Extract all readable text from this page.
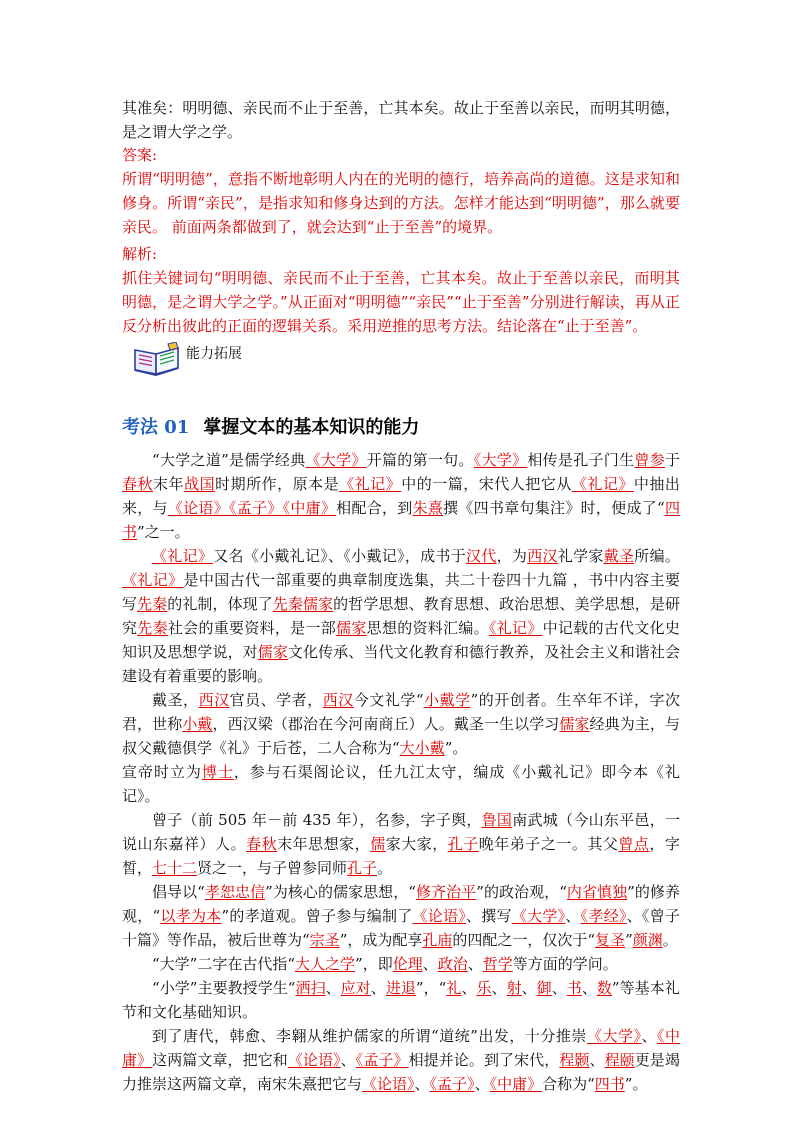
其准矣：明明德、亲民而不止于至善，亡其本矣。故止于至善以亲民，而明其明德，是之谓大学之学。

答案:

所谓“明明德”，意指不断地彰明人内在的光明的德行，培养高尚的道德。这是求知和修身。所谓“亲民”，是指求知和修身达到的方法。怎样才能达到“明明德”，那么就要亲民。 前面两条都做到了，就会达到“止于至善”的境界。

解析:

抓住关键词句“明明德、亲民而不止于至善，亡其本矣。故止于至善以亲民，而明其明德，是之谓大学之学。”从正面对“明明德”“亲民”“止于至善”分别进行解读，再从正反分析出彼此的正面的逻辑关系。采用逆推的思考方法。结论落在“止于至善”。

能力拓展
考法 01 掌握文本的基本知识的能力

“大学之道”是儒学经典《大学》开篇的第一句。《大学》相传是孔子门生曾参于春秋末年战国时期所作，原本是《礼记》中的一篇，宋代人把它从《礼记》中抽出来，与《论语》《孟子》《中庸》相配合，到朱熹撰《四书章句集注》时，便成了“四书”之一。

《礼记》又名《小戴礼记》、《小戴记》，成书于汉代，为西汉礼学家戴圣所编。《礼记》是中国古代一部重要的典章制度选集，共二十卷四十九篇 ，书中内容主要写先秦的礼制，体现了先秦儒家的哲学思想、教育思想、政治思想、美学思想，是研究先秦社会的重要资料，是一部儒家思想的资料汇编。《礼记》中记载的古代文化史知识及思想学说，对儒家文化传承、当代文化教育和德行教养，及社会主义和谐社会建设有着重要的影响。

戴圣，西汉官员、学者，西汉今文礼学“小戴学”的开创者。生卒年不详，字次君，世称小戴，西汉梁（郡治在今河南商丘）人。戴圣一生以学习儒家经典为主，与叔父戴德俱学《礼》于后苍，二人合称为“大小戴”。

宣帝时立为博士，参与石渠阁论议，任九江太守，编成《小戴礼记》即今本《礼记》。

曾子（前 505 年－前 435 年），名参，字子舆，鲁国南武城（今山东平邑，一说山东嘉祥）人。春秋末年思想家，儒家大家，孔子晚年弟子之一。其父曾点，字皙，七十二贤之一，与子曾参同师孔子。

倡导以“孝恕忠信”为核心的儒家思想，“修齐治平”的政治观，“内省慎独”的修养观，“以孝为本”的孝道观。曾子参与编制了《论语》、撰写《大学》、《孝经》、《曾子十篇》等作品，被后世尊为“宗圣”，成为配享孔庙的四配之一，仅次于“复圣”颜渊。

“大学”二字在古代指“大人之学”，即伦理、政治、哲学等方面的学问。

“小学”主要教授学生“洒扫、应对、进退”，“礼、乐、射、御、书、数”等基本礼节和文化基础知识。

到了唐代，韩愈、李翱从维护儒家的所谓“道统”出发，十分推崇《大学》、《中庸》这两篇文章，把它和《论语》、《孟子》相提并论。到了宋代，程颢、程颐更是竭力推崇这两篇文章，南宋朱熹把它与《论语》、《孟子》、《中庸》合称为“四书”。
